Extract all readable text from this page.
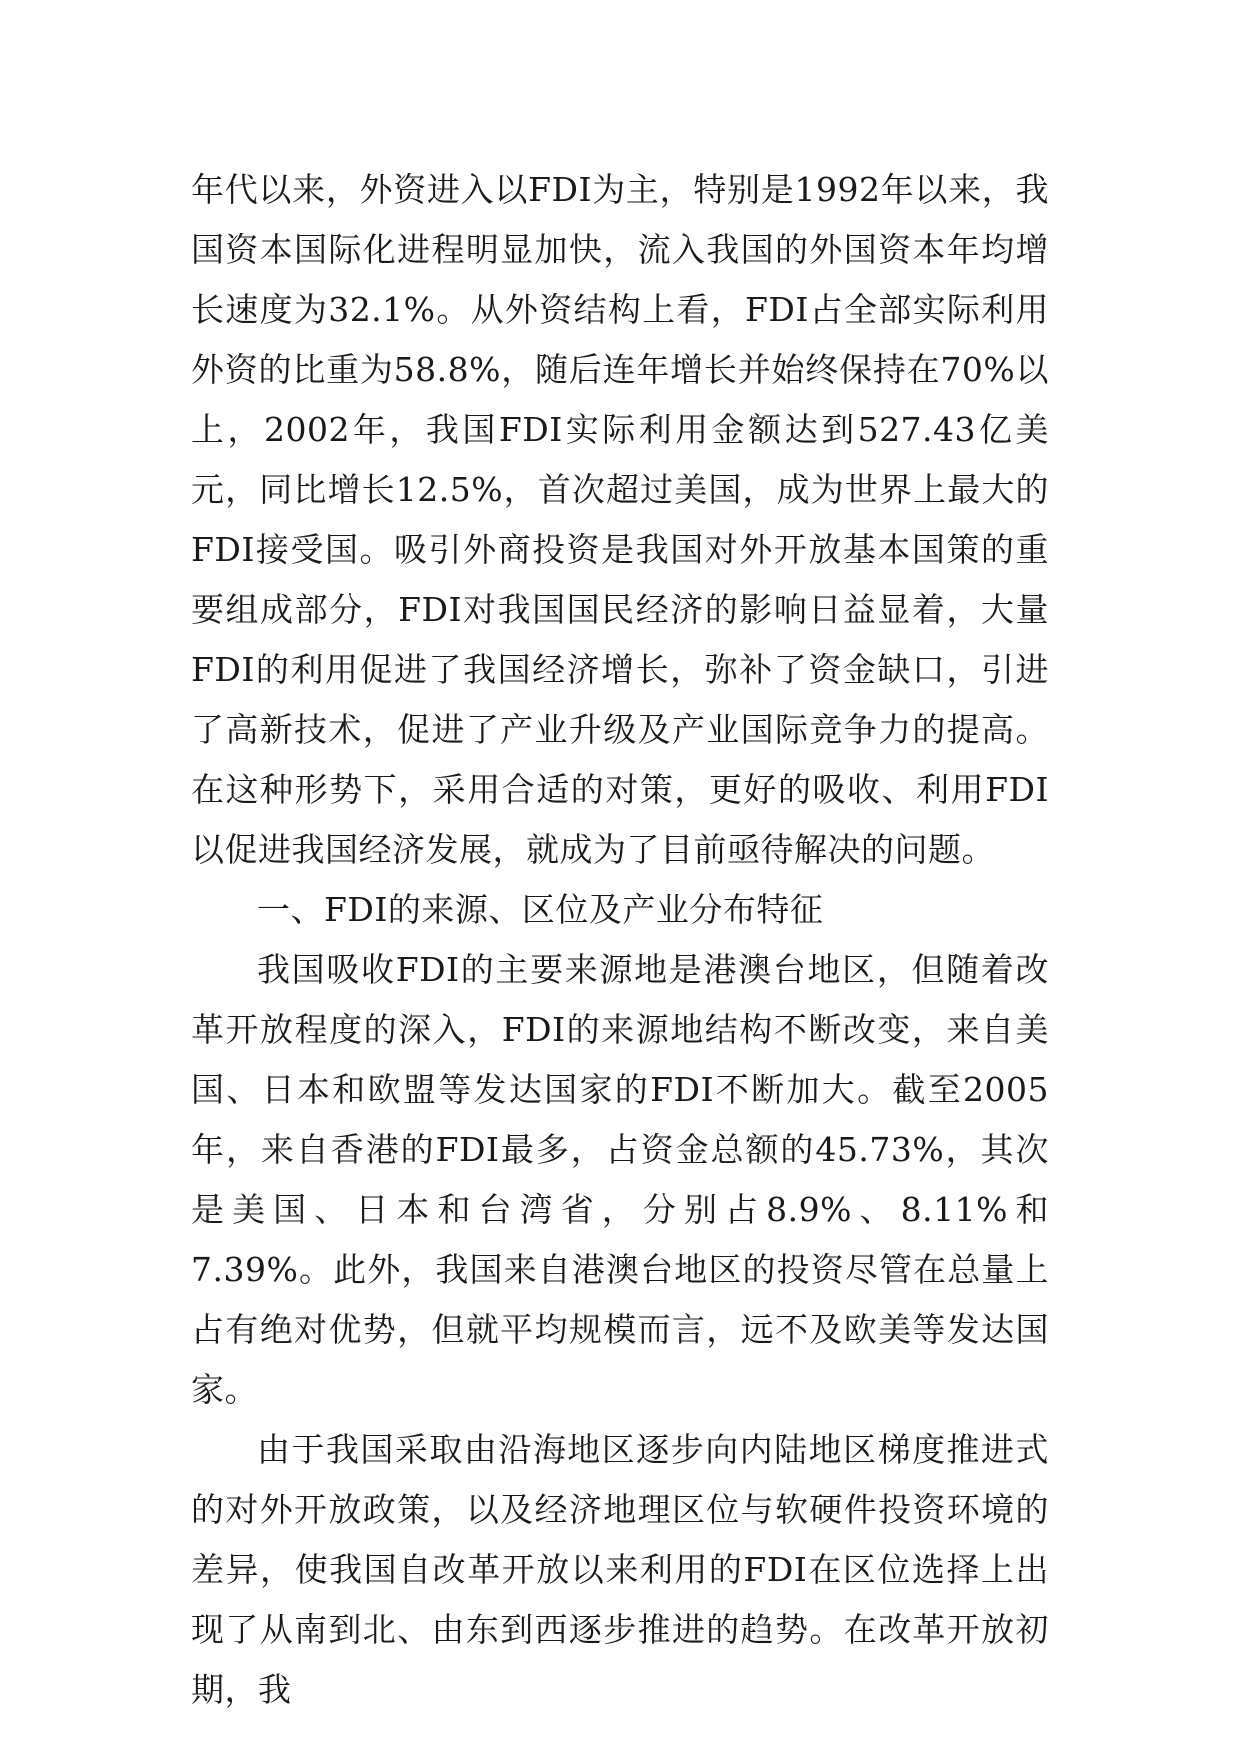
年代以来，外资进入以FDI为主，特别是1992年以来，我国资本国际化进程明显加快，流入我国的外国资本年均增长速度为32.1%。从外资结构上看，FDI占全部实际利用外资的比重为58.8%，随后连年增长并始终保持在70%以上，2002年，我国FDI实际利用金额达到527.43亿美元，同比增长12.5%，首次超过美国，成为世界上最大的FDI接受国。吸引外商投资是我国对外开放基本国策的重要组成部分，FDI对我国国民经济的影响日益显着，大量FDI的利用促进了我国经济增长，弥补了资金缺口，引进了高新技术，促进了产业升级及产业国际竞争力的提高。在这种形势下，采用合适的对策，更好的吸收、利用FDI以促进我国经济发展，就成为了目前亟待解决的问题。

一、FDI的来源、区位及产业分布特征

我国吸收FDI的主要来源地是港澳台地区，但随着改革开放程度的深入，FDI的来源地结构不断改变，来自美国、日本和欧盟等发达国家的FDI不断加大。截至2005年，来自香港的FDI最多，占资金总额的45.73%，其次是美国、日本和台湾省，分别占8.9%、8.11%和7.39%。此外，我国来自港澳台地区的投资尽管在总量上占有绝对优势，但就平均规模而言，远不及欧美等发达国家。

由于我国采取由沿海地区逐步向内陆地区梯度推进式的对外开放政策，以及经济地理区位与软硬件投资环境的差异，使我国自改革开放以来利用的FDI在区位选择上出现了从南到北、由东到西逐步推进的趋势。在改革开放初期，我
